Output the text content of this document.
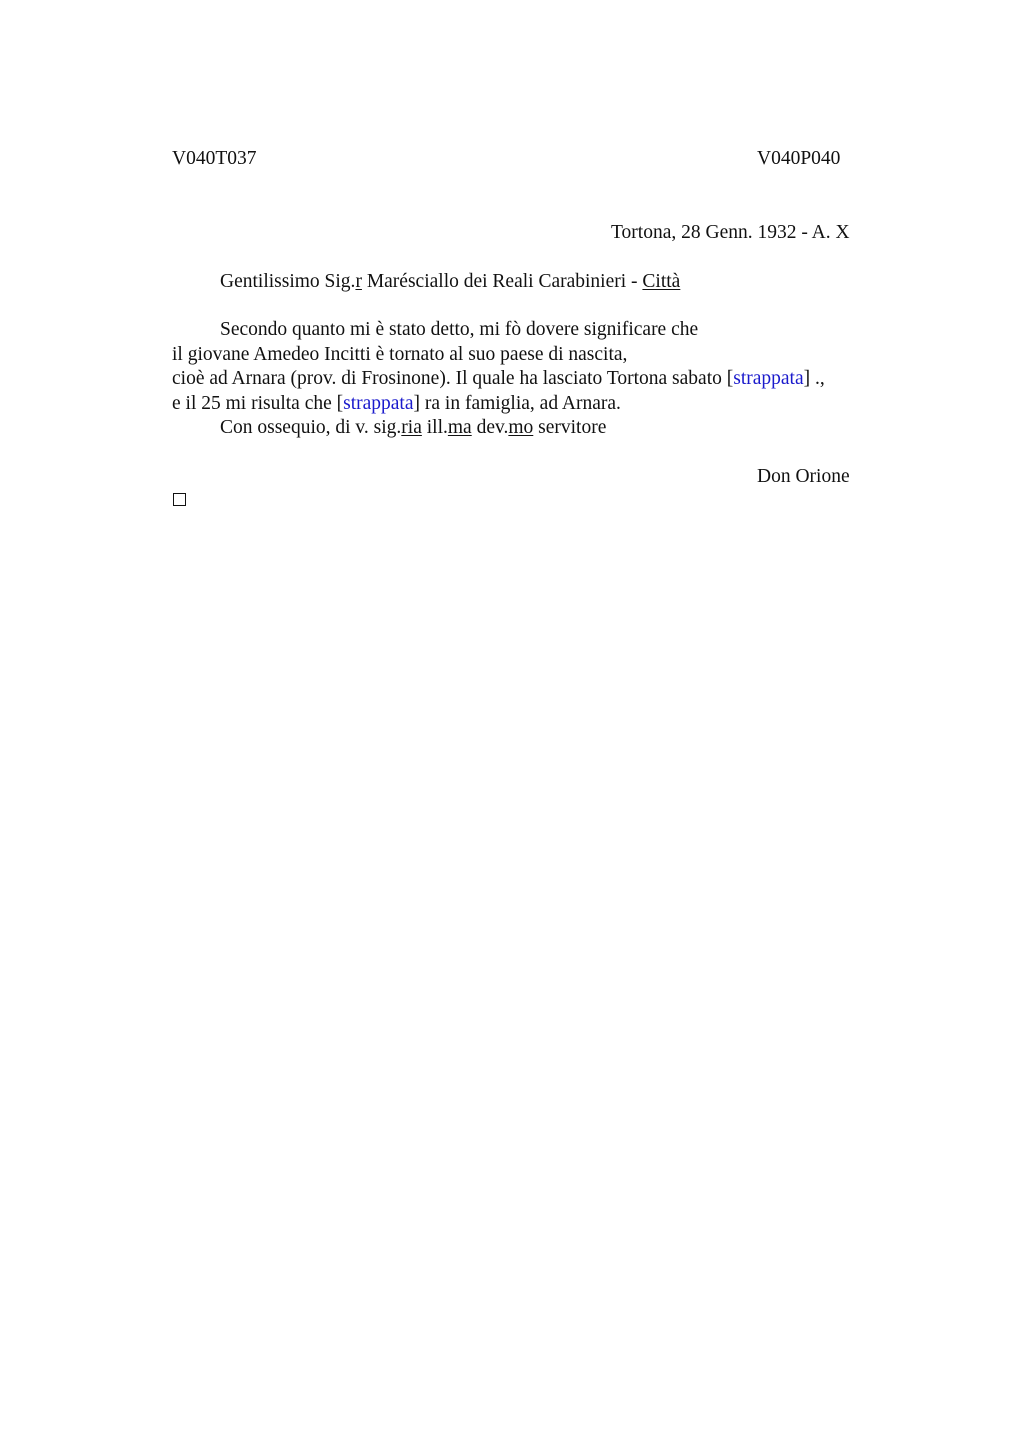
V040T037	V040P040
Tortona, 28 Genn. 1932 - A. X
Gentilissimo Sig.r Marésciallo dei Reali Carabinieri - Città
Secondo quanto mi è stato detto, mi fò dovere significare che
il giovane Amedeo Incitti è tornato al suo paese di nascita,
cioè ad Arnara (prov. di Frosinone). Il quale ha lasciato Tortona sabato [strappata] .,
e il 25 mi risulta che [strappata] ra in famiglia, ad Arnara.
Con ossequio, di v. sig.ria ill.ma dev.mo servitore
Don Orione
